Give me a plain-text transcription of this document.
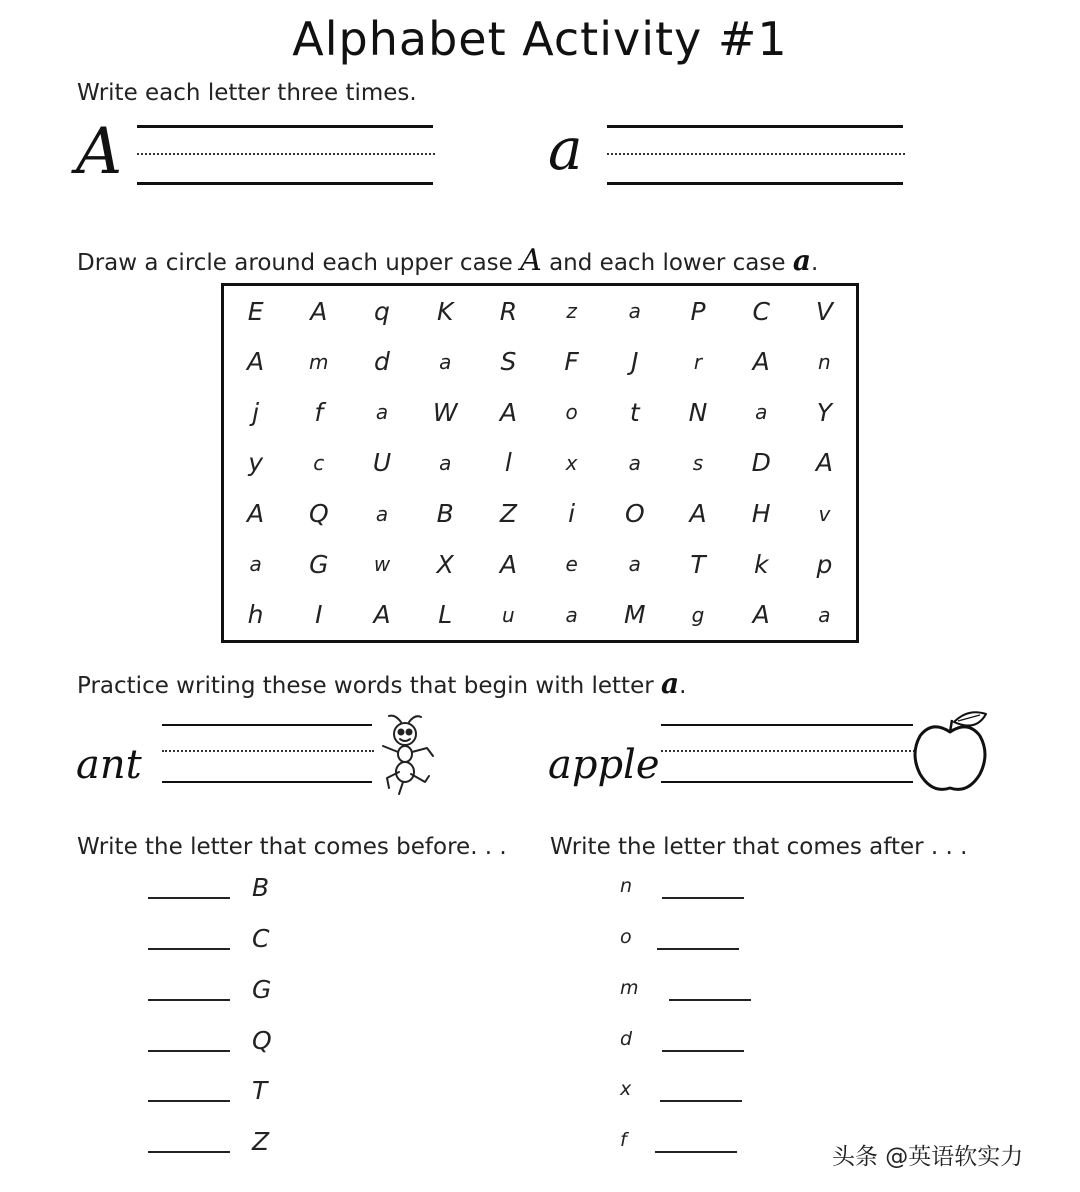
Alphabet Activity #1
Write each letter three times.
A	a
Draw a circle around each upper case A and each lower case a.
E	A	q	K	R	z	a	P	C	V
A	m	d	a	S	F	J	r	A	n
j	f	a	W	A	o	t	N	a	Y
y	c	U	a	l	x	a	s	D	A
A	Q	a	B	Z	i	O	A	H	v
a	G	w	X	A	e	a	T	k	p
h	I	A	L	u	a	M	g	A	a
Practice writing these words that begin with letter a.
ant	apple
Write the letter that comes before. . . Write the letter that comes after . . .
B
C
G
Q
T
Z
n
o
m
d
x
f
头条 @英语软实力
